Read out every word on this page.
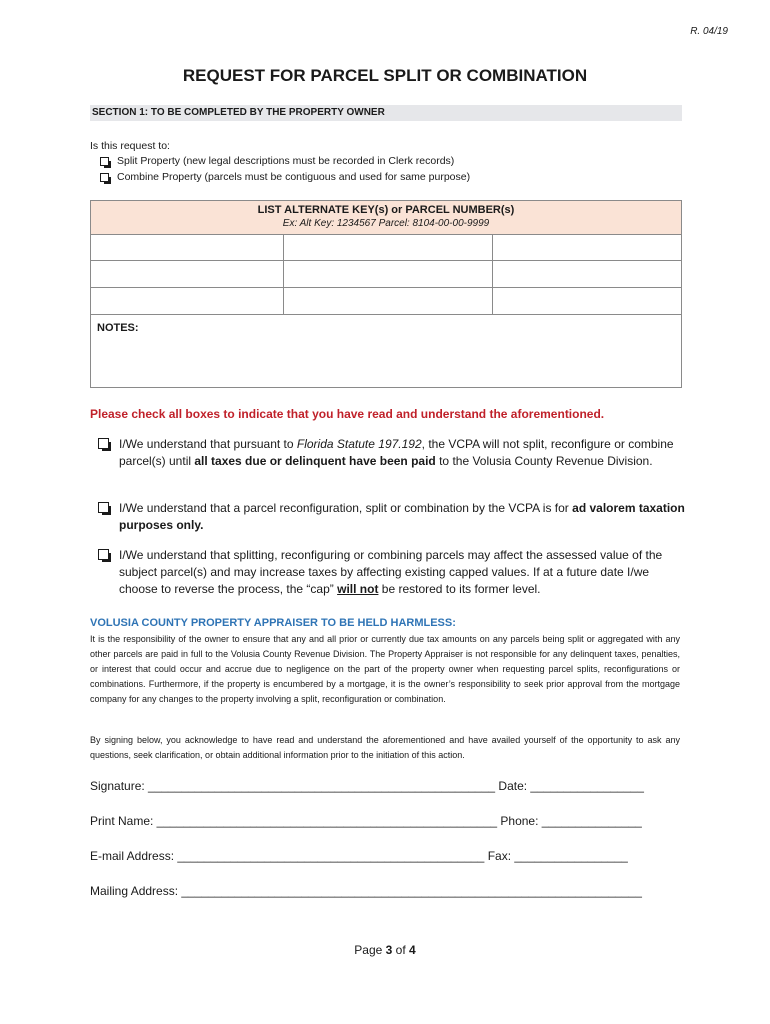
R. 04/19
REQUEST FOR PARCEL SPLIT OR COMBINATION
SECTION 1: TO BE COMPLETED BY THE PROPERTY OWNER
Is this request to:
Split Property (new legal descriptions must be recorded in Clerk records)
Combine Property (parcels must be contiguous and used for same purpose)
LIST ALTERNATE KEY(s) or PARCEL NUMBER(s)
Ex: Alt Key: 1234567 Parcel: 8104-00-00-9999
NOTES:
Please check all boxes to indicate that you have read and understand the aforementioned.
I/We understand that pursuant to Florida Statute 197.192, the VCPA will not split, reconfigure or combine parcel(s) until all taxes due or delinquent have been paid to the Volusia County Revenue Division.
I/We understand that a parcel reconfiguration, split or combination by the VCPA is for ad valorem taxation purposes only.
I/We understand that splitting, reconfiguring or combining parcels may affect the assessed value of the subject parcel(s) and may increase taxes by affecting existing capped values. If at a future date I/we choose to reverse the process, the “cap” will not be restored to its former level.
VOLUSIA COUNTY PROPERTY APPRAISER TO BE HELD HARMLESS:
It is the responsibility of the owner to ensure that any and all prior or currently due tax amounts on any parcels being split or aggregated with any other parcels are paid in full to the Volusia County Revenue Division. The Property Appraiser is not responsible for any delinquent taxes, penalties, or interest that could occur and accrue due to negligence on the part of the property owner when requesting parcel splits, reconfigurations or combinations. Furthermore, if the property is encumbered by a mortgage, it is the owner’s responsibility to seek prior approval from the mortgage company for any changes to the property involving a split, reconfiguration or combination.
By signing below, you acknowledge to have read and understand the aforementioned and have availed yourself of the opportunity to ask any questions, seek clarification, or obtain additional information prior to the initiation of this action.
Signature: ____________________________________________________ Date: _________________
Print Name: ___________________________________________________ Phone: _______________
E-mail Address: ______________________________________________ Fax: _________________
Mailing Address: _____________________________________________________________________
Page 3 of 4
